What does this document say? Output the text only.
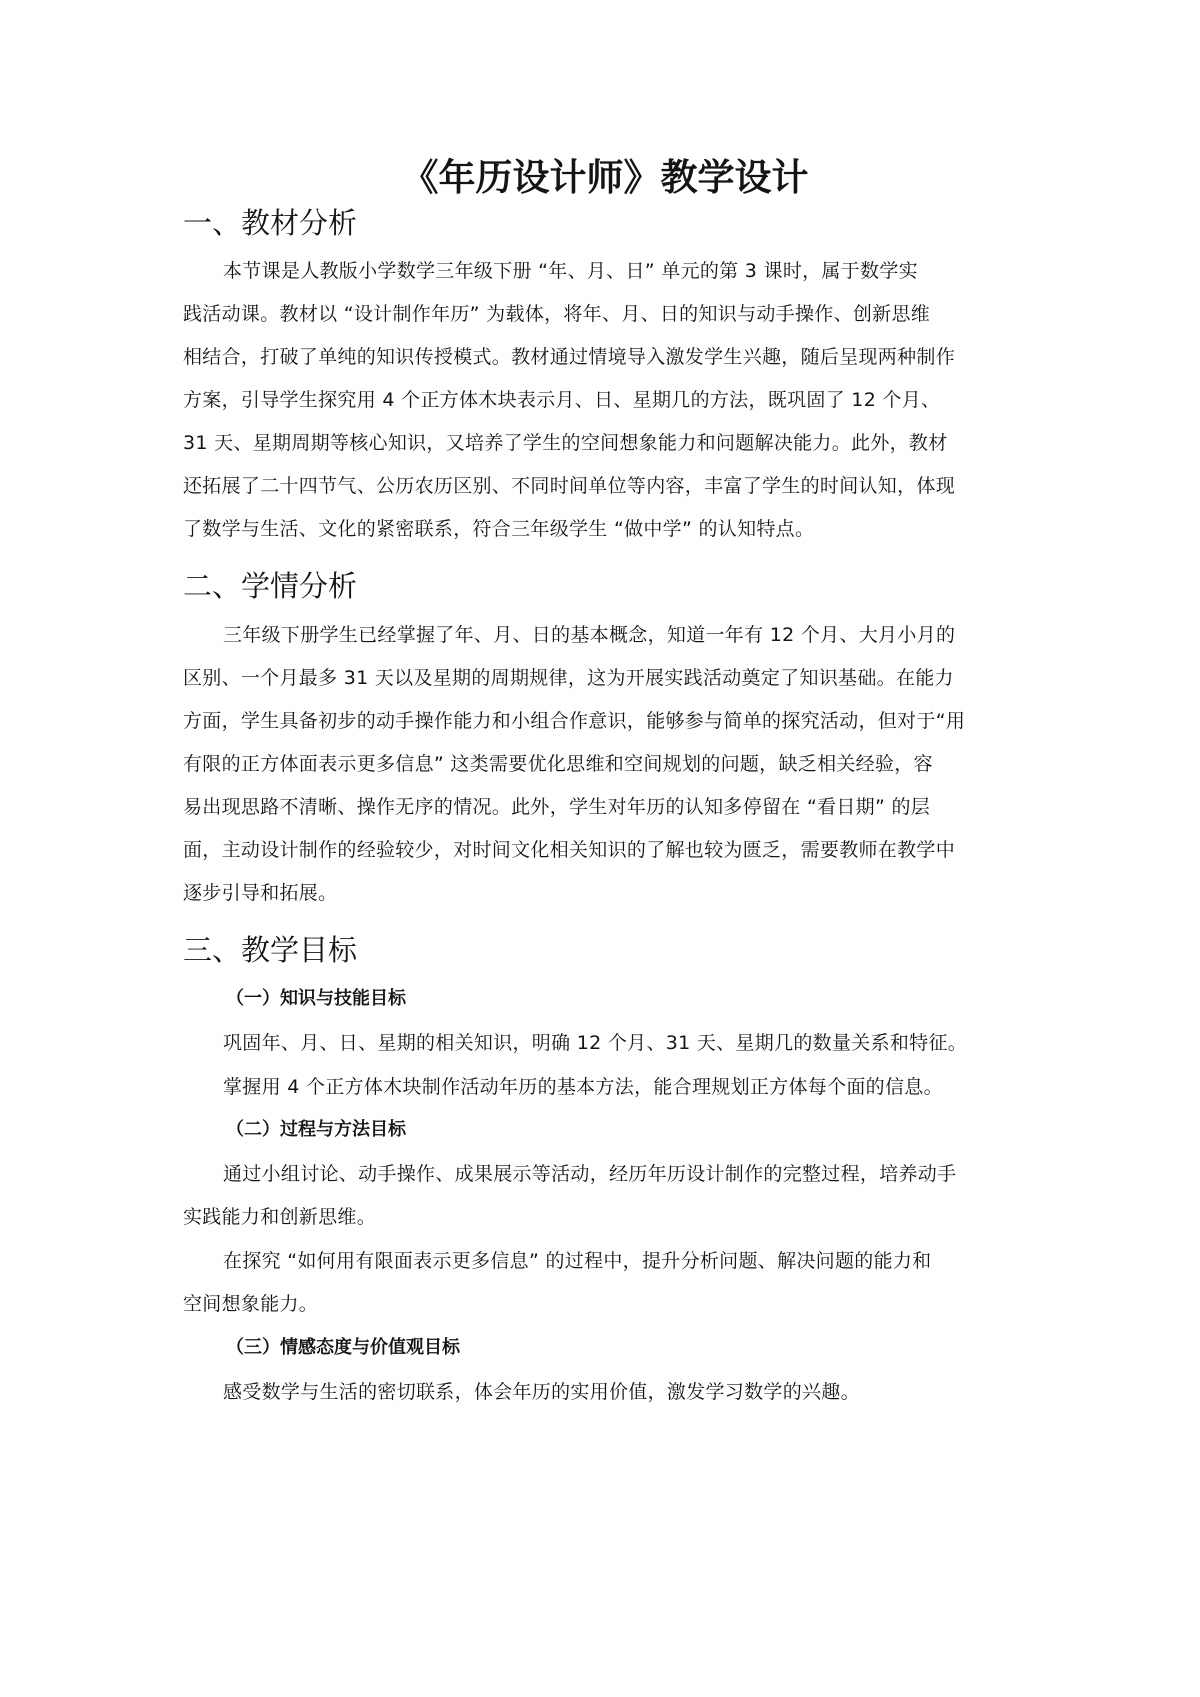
《年历设计师》教学设计
一、教材分析
本节课是人教版小学数学三年级下册 “年、月、日” 单元的第 3 课时，属于数学实
践活动课。教材以 “设计制作年历” 为载体，将年、月、日的知识与动手操作、创新思维
相结合，打破了单纯的知识传授模式。教材通过情境导入激发学生兴趣，随后呈现两种制作
方案，引导学生探究用 4 个正方体木块表示月、日、星期几的方法，既巩固了 12 个月、
31 天、星期周期等核心知识，又培养了学生的空间想象能力和问题解决能力。此外，教材
还拓展了二十四节气、公历农历区别、不同时间单位等内容，丰富了学生的时间认知，体现
了数学与生活、文化的紧密联系，符合三年级学生 “做中学” 的认知特点。
二、学情分析
三年级下册学生已经掌握了年、月、日的基本概念，知道一年有 12 个月、大月小月的
区别、一个月最多 31 天以及星期的周期规律，这为开展实践活动奠定了知识基础。在能力
方面，学生具备初步的动手操作能力和小组合作意识，能够参与简单的探究活动，但对于“用
有限的正方体面表示更多信息” 这类需要优化思维和空间规划的问题，缺乏相关经验，容
易出现思路不清晰、操作无序的情况。此外，学生对年历的认知多停留在 “看日期” 的层
面，主动设计制作的经验较少，对时间文化相关知识的了解也较为匮乏，需要教师在教学中
逐步引导和拓展。
三、教学目标
（一）知识与技能目标
巩固年、月、日、星期的相关知识，明确 12 个月、31 天、星期几的数量关系和特征。
掌握用 4 个正方体木块制作活动年历的基本方法，能合理规划正方体每个面的信息。
（二）过程与方法目标
通过小组讨论、动手操作、成果展示等活动，经历年历设计制作的完整过程，培养动手
实践能力和创新思维。
在探究 “如何用有限面表示更多信息” 的过程中，提升分析问题、解决问题的能力和
空间想象能力。
（三）情感态度与价值观目标
感受数学与生活的密切联系，体会年历的实用价值，激发学习数学的兴趣。
